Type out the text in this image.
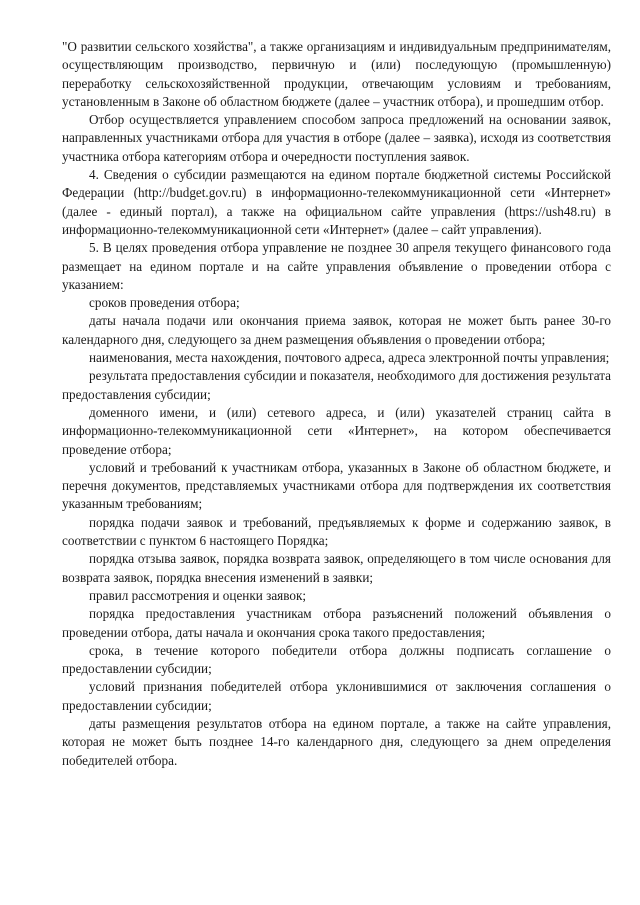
"О развитии сельского хозяйства", а также организациям и индивидуальным предпринимателям, осуществляющим производство, первичную и (или) последующую (промышленную) переработку сельскохозяйственной продукции, отвечающим условиям и требованиям, установленным в Законе об областном бюджете (далее – участник отбора), и прошедшим отбор.

Отбор осуществляется управлением способом запроса предложений на основании заявок, направленных участниками отбора для участия в отборе (далее – заявка), исходя из соответствия участника отбора категориям отбора и очередности поступления заявок.

4. Сведения о субсидии размещаются на едином портале бюджетной системы Российской Федерации (http://budget.gov.ru) в информационно-телекоммуникационной сети «Интернет» (далее - единый портал), а также на официальном сайте управления (https://ush48.ru) в информационно-телекоммуникационной сети «Интернет» (далее – сайт управления).

5. В целях проведения отбора управление не позднее 30 апреля текущего финансового года размещает на едином портале и на сайте управления объявление о проведении отбора с указанием:

сроков проведения отбора;

даты начала подачи или окончания приема заявок, которая не может быть ранее 30-го календарного дня, следующего за днем размещения объявления о проведении отбора;

наименования, места нахождения, почтового адреса, адреса электронной почты управления;

результата предоставления субсидии и показателя, необходимого для достижения результата предоставления субсидии;

доменного имени, и (или) сетевого адреса, и (или) указателей страниц сайта в информационно-телекоммуникационной сети «Интернет», на котором обеспечивается проведение отбора;

условий и требований к участникам отбора, указанных в Законе об областном бюджете, и перечня документов, представляемых участниками отбора для подтверждения их соответствия указанным требованиям;

порядка подачи заявок и требований, предъявляемых к форме и содержанию заявок, в соответствии с пунктом 6 настоящего Порядка;

порядка отзыва заявок, порядка возврата заявок, определяющего в том числе основания для возврата заявок, порядка внесения изменений в заявки;

правил рассмотрения и оценки заявок;

порядка предоставления участникам отбора разъяснений положений объявления о проведении отбора, даты начала и окончания срока такого предоставления;

срока, в течение которого победители отбора должны подписать соглашение о предоставлении субсидии;

условий признания победителей отбора уклонившимися от заключения соглашения о предоставлении субсидии;

даты размещения результатов отбора на едином портале, а также на сайте управления, которая не может быть позднее 14-го календарного дня, следующего за днем определения победителей отбора.
